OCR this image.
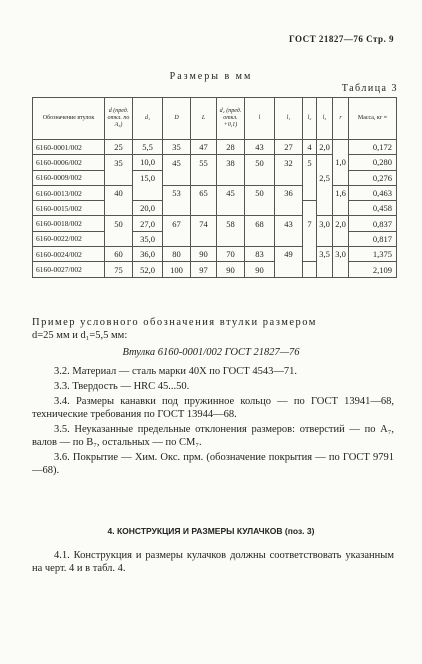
ГОСТ 21827—76 Стр. 9
Размеры в мм
Таблица 3
Обозначение втулок	d (пред. откл. по A₃)	d₁	D	L	d₂ (пред. откл. +0,1)	l	l₁	l₂	l₃	r	Масса, кг ≈
6160-0001/002	25	5,5	35	47	28	43	27	4	2,0		0,172
6160-0006/002	35	10,0	45	55	38	50	32	5		1,0	0,280
6160-0009/002		15,0							2,5		0,276
6160-0013/002	40		53	65	45	50	36			1,6	0,463
6160-0015/002		20,0									0,458
6160-0018/002	50	27,0	67	74	58	68	43	7	3,0	2,0	0,837
6160-0022/002		35,0									0,817
6160-0024/002	60	36,0	80	90	70	83	49		3,5	3,0	1,375
6160-0027/002	75	52,0	100	97	90	90					2,109
Пример условного обозначения втулки размером
d=25 мм и d₁=5,5 мм:
Втулка 6160-0001/002 ГОСТ 21827—76
3.2. Материал — сталь марки 40Х по ГОСТ 4543—71.
3.3. Твердость — HRC 45...50.
3.4. Размеры канавки под пружинное кольцо — по ГОСТ 13941—68, технические требования по ГОСТ 13944—68.
3.5. Неуказанные предельные отклонения размеров: отверстий — по A₇, валов — по B₇, остальных — по CM₇.
3.6. Покрытие — Хим. Окс. прм. (обозначение покрытия — по ГОСТ 9791—68).
4. КОНСТРУКЦИЯ И РАЗМЕРЫ КУЛАЧКОВ (поз. 3)
4.1. Конструкция и размеры кулачков должны соответствовать указанным на черт. 4 и в табл. 4.
